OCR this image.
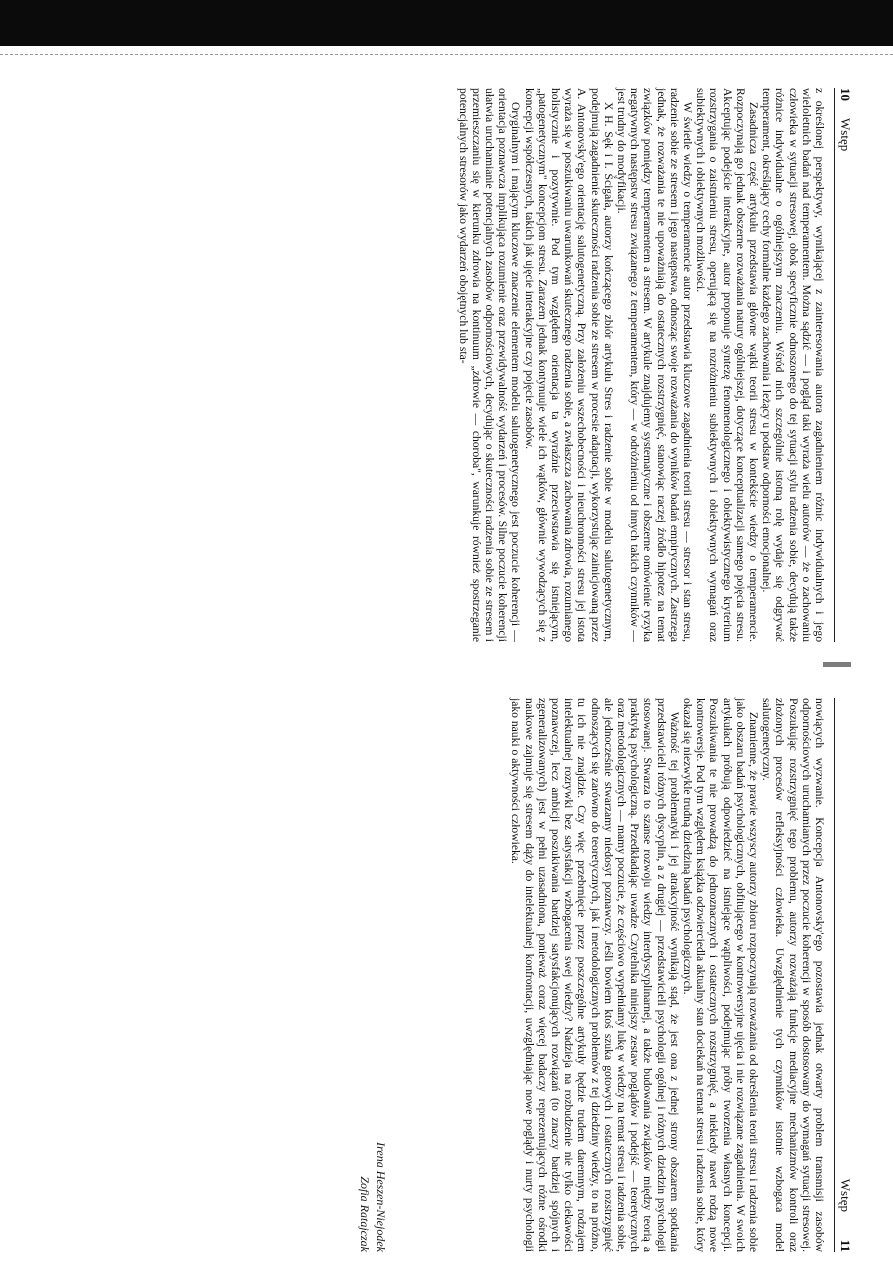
10
Wstęp

z określonej perspektywy, wynikającej z zainteresowania autora zagadnieniem różnic indywidualnych i jego wieloletnich badań nad temperamentem. Można sądzić — i pogląd taki wyraża wielu autorów — że o zachowaniu człowieka w sytuacji stresowej, obok specyficznie odnoszonego do tej sytuacji stylu radzenia sobie, decydują także różnice indywidualne o ogólniejszym znaczeniu. Wśród nich szczególnie istotną rolę wydaje się odgrywać temperament, określający cechy formalne każdego zachowania i leżący u podstaw odporności emocjonalnej.

Zasadnicza część artykułu przedstawia główne wątki teorii stresu w kontekście wiedzy o temperamencie. Rozpoczynają go jednak obszerne rozważania natury ogólniejszej, dotyczące konceptualizacji samego pojęcia stresu. Akceptując podejście interakcyjne, autor proponuje syntezę fenomenologicznego i obiektywistycznego kryterium rozstrzygania o zaistnieniu stresu, operującą się na rozróżnieniu subiektywnych i obiektywnych wymagań oraz subiektywnych i obiektywnych możliwości.

W świetle wiedzy o temperamencie autor przedstawia kluczowe zagadnienia teorii stresu — stresor i stan stresu, radzenie sobie ze stresem i jego następstwa, odnosząc swoje rozważania do wyników badań empirycznych. Zastrzega jednak, że rozważania te nie upoważniają do ostatecznych rozstrzygnięć, stanowiąc raczej źródło hipotez na temat związków pomiędzy temperamentem a stresem. W artykule znajdujemy systematyczne i obszerne omówienie ryzyka negatywnych następstw stresu związanego z temperamentem, który — w odróżnieniu od innych takich czynników — jest trudny do modyfikacji.

X H. Sęk i I. Ścigała, autorzy kończącego zbiór artykułu Stres i radzenie sobie w modelu salutogenetycznym, podejmują zagadnienie skuteczności radzenia sobie ze stresem w procesie adaptacji, wykorzystując zainicjowaną przez A. Antonovsky'ego orientację salutogenetyczną. Przy założeniu wszechobecności i nieuchronności stresu jej istota wyraża się w poszukiwaniu uwarunkowań skutecznego radzenia sobie, a zwłaszcza zachowania zdrowia, rozumianego holistycznie i pozytywnie. Pod tym względem orientacja ta wyraźnie przeciwstawia się istniejącym, „patogenetycznym" koncepcjom stresu. Zarazem jednak kontynuuje wiele ich wątków, głównie wywodzących się z koncepcji współczesnych, takich jak ujęcie interakcyjne czy pojęcie zasobów.

Oryginalnym i mającym kluczowe znaczenie elementem modelu salutogenetycznego jest poczucie koherencji — orientacja poznawcza implikująca rozumienie oraz przewidywalność wydarzeń i procesów. Silne poczucie koherencji ułatwia uruchamianie potencjalnych zasobów odpornościowych, decydując o skuteczności radzenia sobie ze stresem i przemieszczaniu się w kierunku zdrowia na kontinuum „zdrowie — choroba", warunkuje również spostrzeganie potencjalnych stresorów jako wydarzeń obojętnych lub sta-

Wstęp
11

nowiących wyzwanie. Koncepcja Antonovsky'ego pozostawia jednak otwarty problem transmisji zasobów odpornościowych uruchamianych przez poczucie koherencji w sposób dostosowany do wymagań sytuacji stresowej. Poszukując rozstrzygnięć tego problemu, autorzy rozważają funkcje mediacyjne mechanizmów kontroli oraz złożonych procesów refleksyjności człowieka. Uwzględnienie tych czynników istotnie wzbogaca model salutogenetyczny.

Znamienne, że prawie wszyscy autorzy zbioru rozpoczynają rozważania od określenia teorii stresu i radzenia sobie jako obszaru badań psychologicznych, obfitującego w kontrowersyjne ujęcia i nie rozwiązane zagadnienia. W swoich artykułach próbują odpowiedzieć na istniejące wątpliwości, podejmując próby tworzenia własnych koncepcji. Poszukiwania te nie prowadzą do jednoznacznych i ostatecznych rozstrzygnięć, a niekiedy nawet rodzą nowe kontrowersje. Pod tym względem książka odzwierciedla aktualny stan dociekań na temat stresu i radzenia sobie, który okazał się niezwykle trudną dziedziną badań psychologicznych.

Ważność tej problematyki i jej atrakcyjność wynikają stąd, że jest ona z jednej strony obszarem spotkania przedstawicieli różnych dyscyplin, a z drugiej — przedstawicieli psychologii ogólnej i różnych dziedzin psychologii stosowanej. Stwarza to szanse rozwoju wiedzy interdyscyplinarnej, a także budowania związków między teorią a praktyką psychologiczną. Przedkładając uwadze Czytelnika niniejszy zestaw poglądów i podejść — teoretycznych oraz metodologicznych — mamy poczucie, że częściowo wypełniamy lukę w wiedzy na temat stresu i radzenia sobie, ale jednocześnie stwarzamy niedosyt poznawczy. Jeśli bowiem ktoś szuka gotowych i ostatecznych rozstrzygnięć odnoszących się zarówno do teoretycznych, jak i metodologicznych problemów z tej dziedziny wiedzy, to na próżno, tu ich nie znajdzie. Czy więc przebrnięcie przez poszczególne artykuły będzie trudem daremnym, rodzajem intelektualnej rozrywki bez satysfakcji wzbogacenia swej wiedzy? Nadzieja na rozbudzenie nie tylko ciekawości poznawczej, lecz ambicji poszukiwania bardziej satysfakcjonujących rozwiązań (to znaczy bardziej spójnych i zgeneralizowanych) jest w pełni uzasadniona, ponieważ coraz więcej badaczy reprezentujących różne ośrodki naukowe zajmuje się stresem dąży do intelektualnej konfrontacji, uwzględniając nowe poglądy i nurty psychologii jako nauki o aktywności człowieka.

Irena Heszen-Niejodek
Zofia Ratajczak
